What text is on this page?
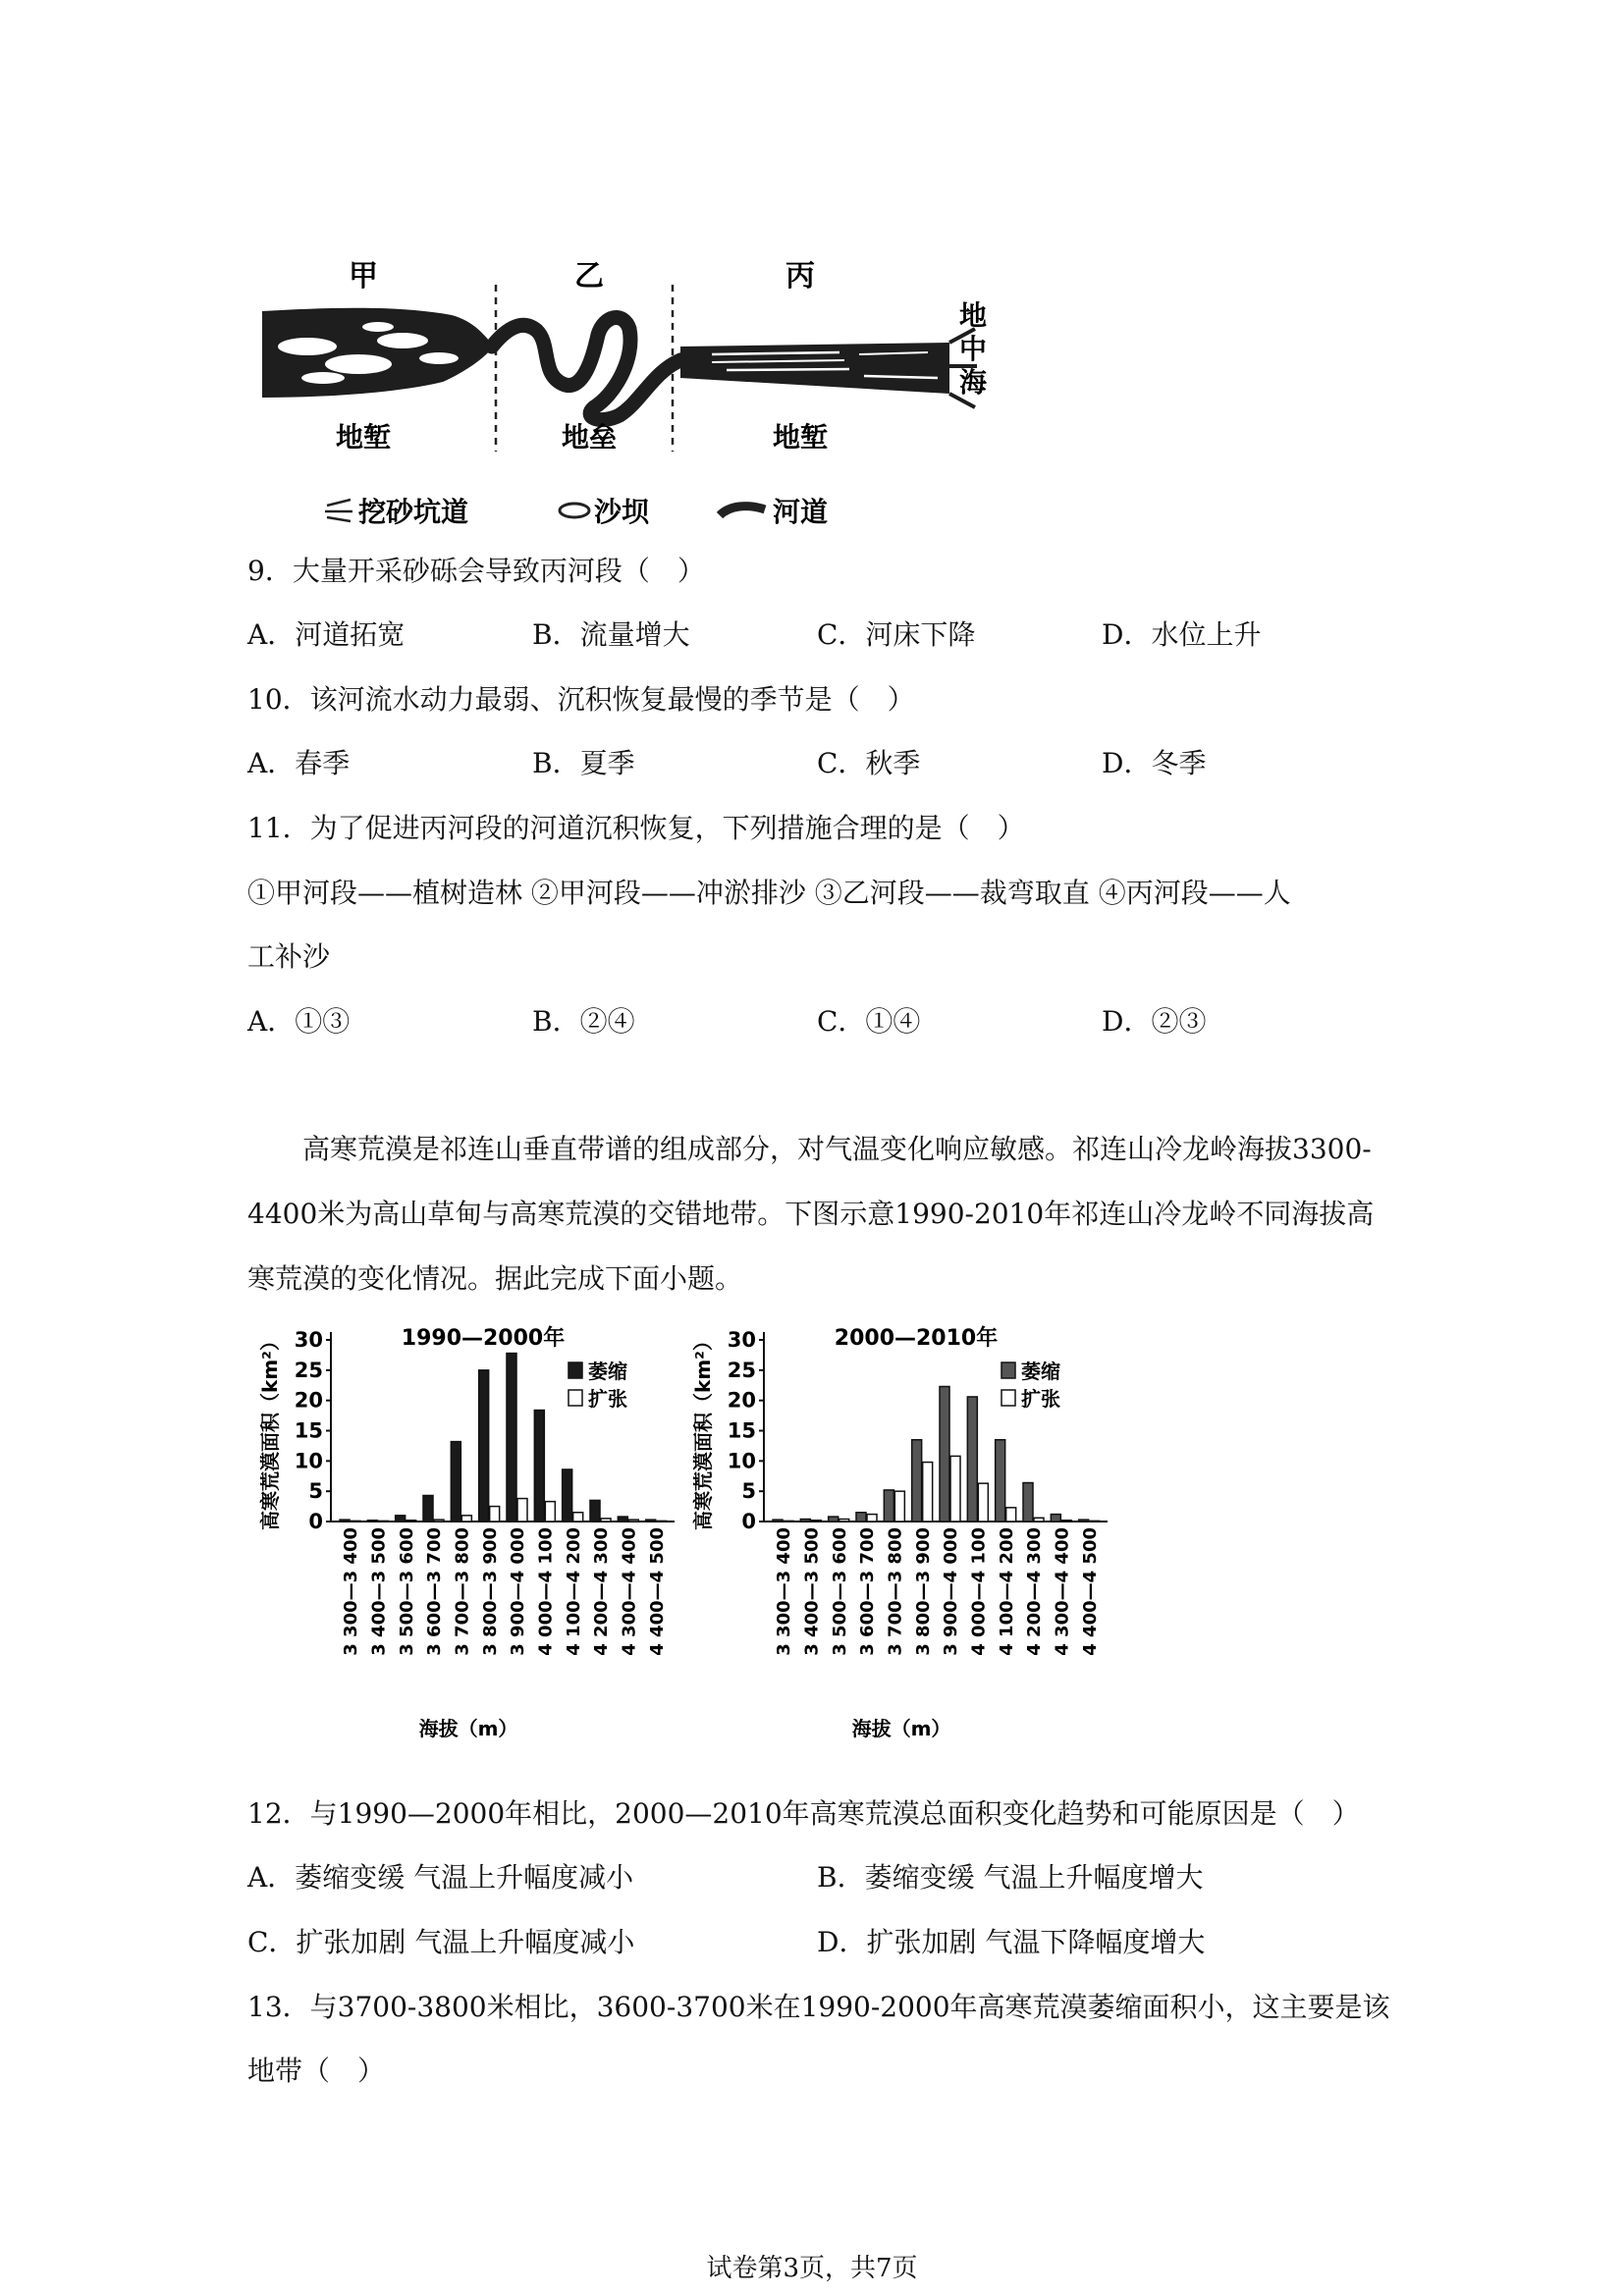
甲	乙	丙
地
中
海
地堑	地垒	地堑
挖砂坑道	沙坝	河道
9．大量开采砂砾会导致丙河段（　）
A．河道拓宽	B．流量增大	C．河床下降	D．水位上升
10．该河流水动力最弱、沉积恢复最慢的季节是（　）
A．春季	B．夏季	C．秋季	D．冬季
11．为了促进丙河段的河道沉积恢复，下列措施合理的是（　）
①甲河段——植树造林 ②甲河段——冲淤排沙 ③乙河段——裁弯取直 ④丙河段——人
工补沙
A．①③	B．②④	C．①④	D．②③
高寒荒漠是祁连山垂直带谱的组成部分，对气温变化响应敏感。祁连山冷龙岭海拔3300-4400米为高山草甸与高寒荒漠的交错地带。下图示意1990-2010年祁连山冷龙岭不同海拔高寒荒漠的变化情况。据此完成下面小题。
1990—2000年
高寒荒漠面积（km²） 0
5
10
15
20
25
30
3 300—3 400 3 400—3 500 3 500—3 600 3 600—3 700 3 700—3 800 3 800—3 900 3 900—4 000 4 000—4 100 4 100—4 200 4 200—4 300 4 300—4 400 4 400—4 500
海拔（m）
萎缩
扩张
2000—2010年
高寒荒漠面积（km²） 0
5
10
15
20
25
30
3 300—3 400 3 400—3 500 3 500—3 600 3 600—3 700 3 700—3 800 3 800—3 900 3 900—4 000 4 000—4 100 4 100—4 200 4 200—4 300 4 300—4 400 4 400—4 500
海拔（m）
萎缩
扩张
12．与1990—2000年相比，2000—2010年高寒荒漠总面积变化趋势和可能原因是（　）
A．萎缩变缓 气温上升幅度减小	B．萎缩变缓 气温上升幅度增大
C．扩张加剧 气温上升幅度减小	D．扩张加剧 气温下降幅度增大
13．与3700-3800米相比，3600-3700米在1990-2000年高寒荒漠萎缩面积小，这主要是该
地带（　）
试卷第3页，共7页
